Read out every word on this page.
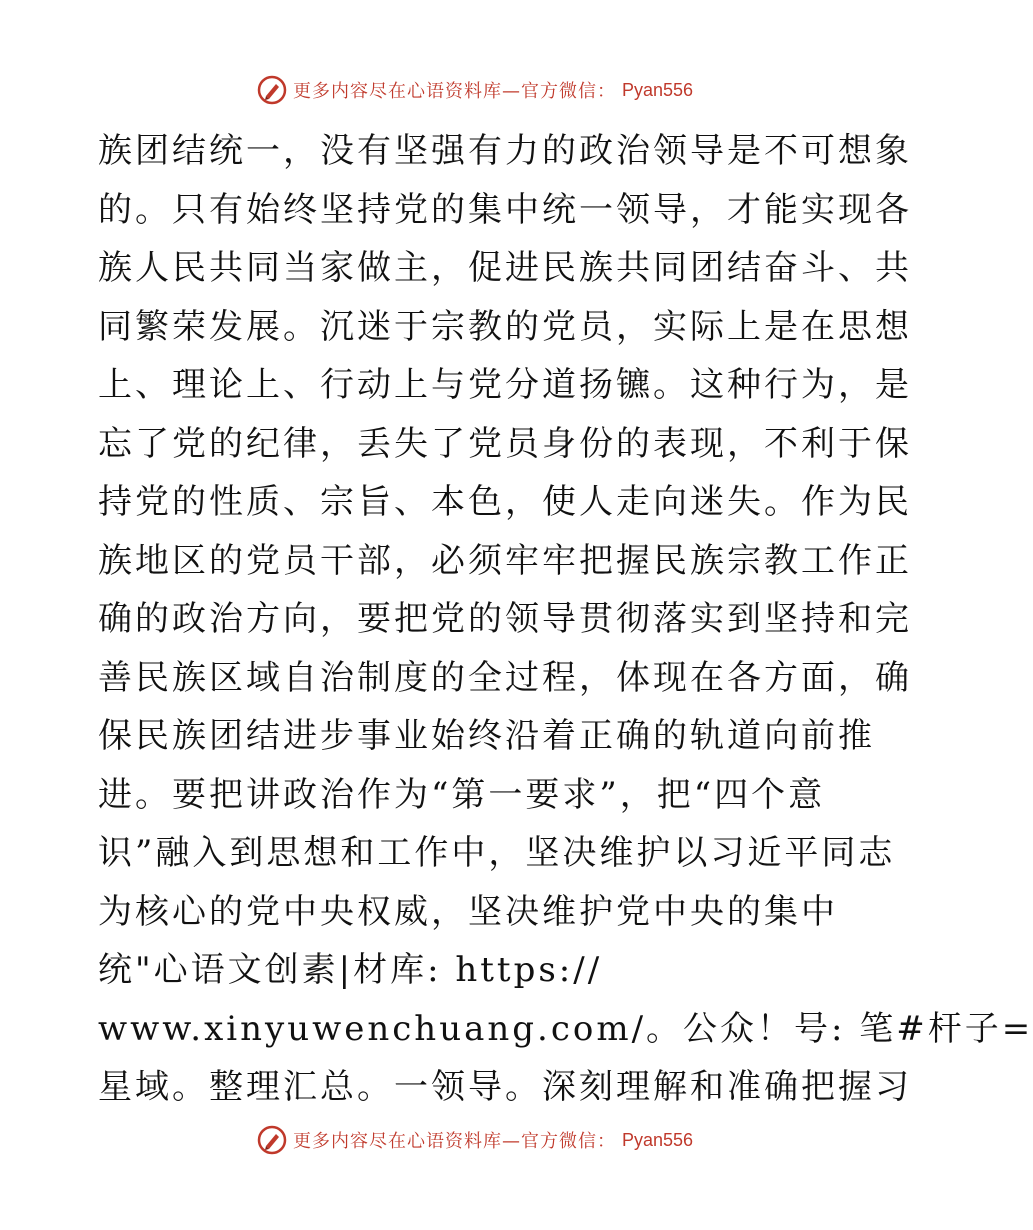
更多内容尽在心语资料库—官方微信： Pyan556
族团结统一，没有坚强有力的政治领导是不可想象
的。只有始终坚持党的集中统一领导，才能实现各
族人民共同当家做主，促进民族共同团结奋斗、共
同繁荣发展。沉迷于宗教的党员，实际上是在思想
上、理论上、行动上与党分道扬镳。这种行为，是
忘了党的纪律，丢失了党员身份的表现，不利于保
持党的性质、宗旨、本色，使人走向迷失。作为民
族地区的党员干部，必须牢牢把握民族宗教工作正
确的政治方向，要把党的领导贯彻落实到坚持和完
善民族区域自治制度的全过程，体现在各方面，确
保民族团结进步事业始终沿着正确的轨道向前推
进。要把讲政治作为“第一要求”，把“四个意
识”融入到思想和工作中，坚决维护以习近平同志
为核心的党中央权威，坚决维护党中央的集中
统"心语文创素|材库: https://
www.xinyuwenchuang.com/。公众！号: 笔#杆子=
星域。整理汇总。一领导。深刻理解和准确把握习
更多内容尽在心语资料库—官方微信： Pyan556
